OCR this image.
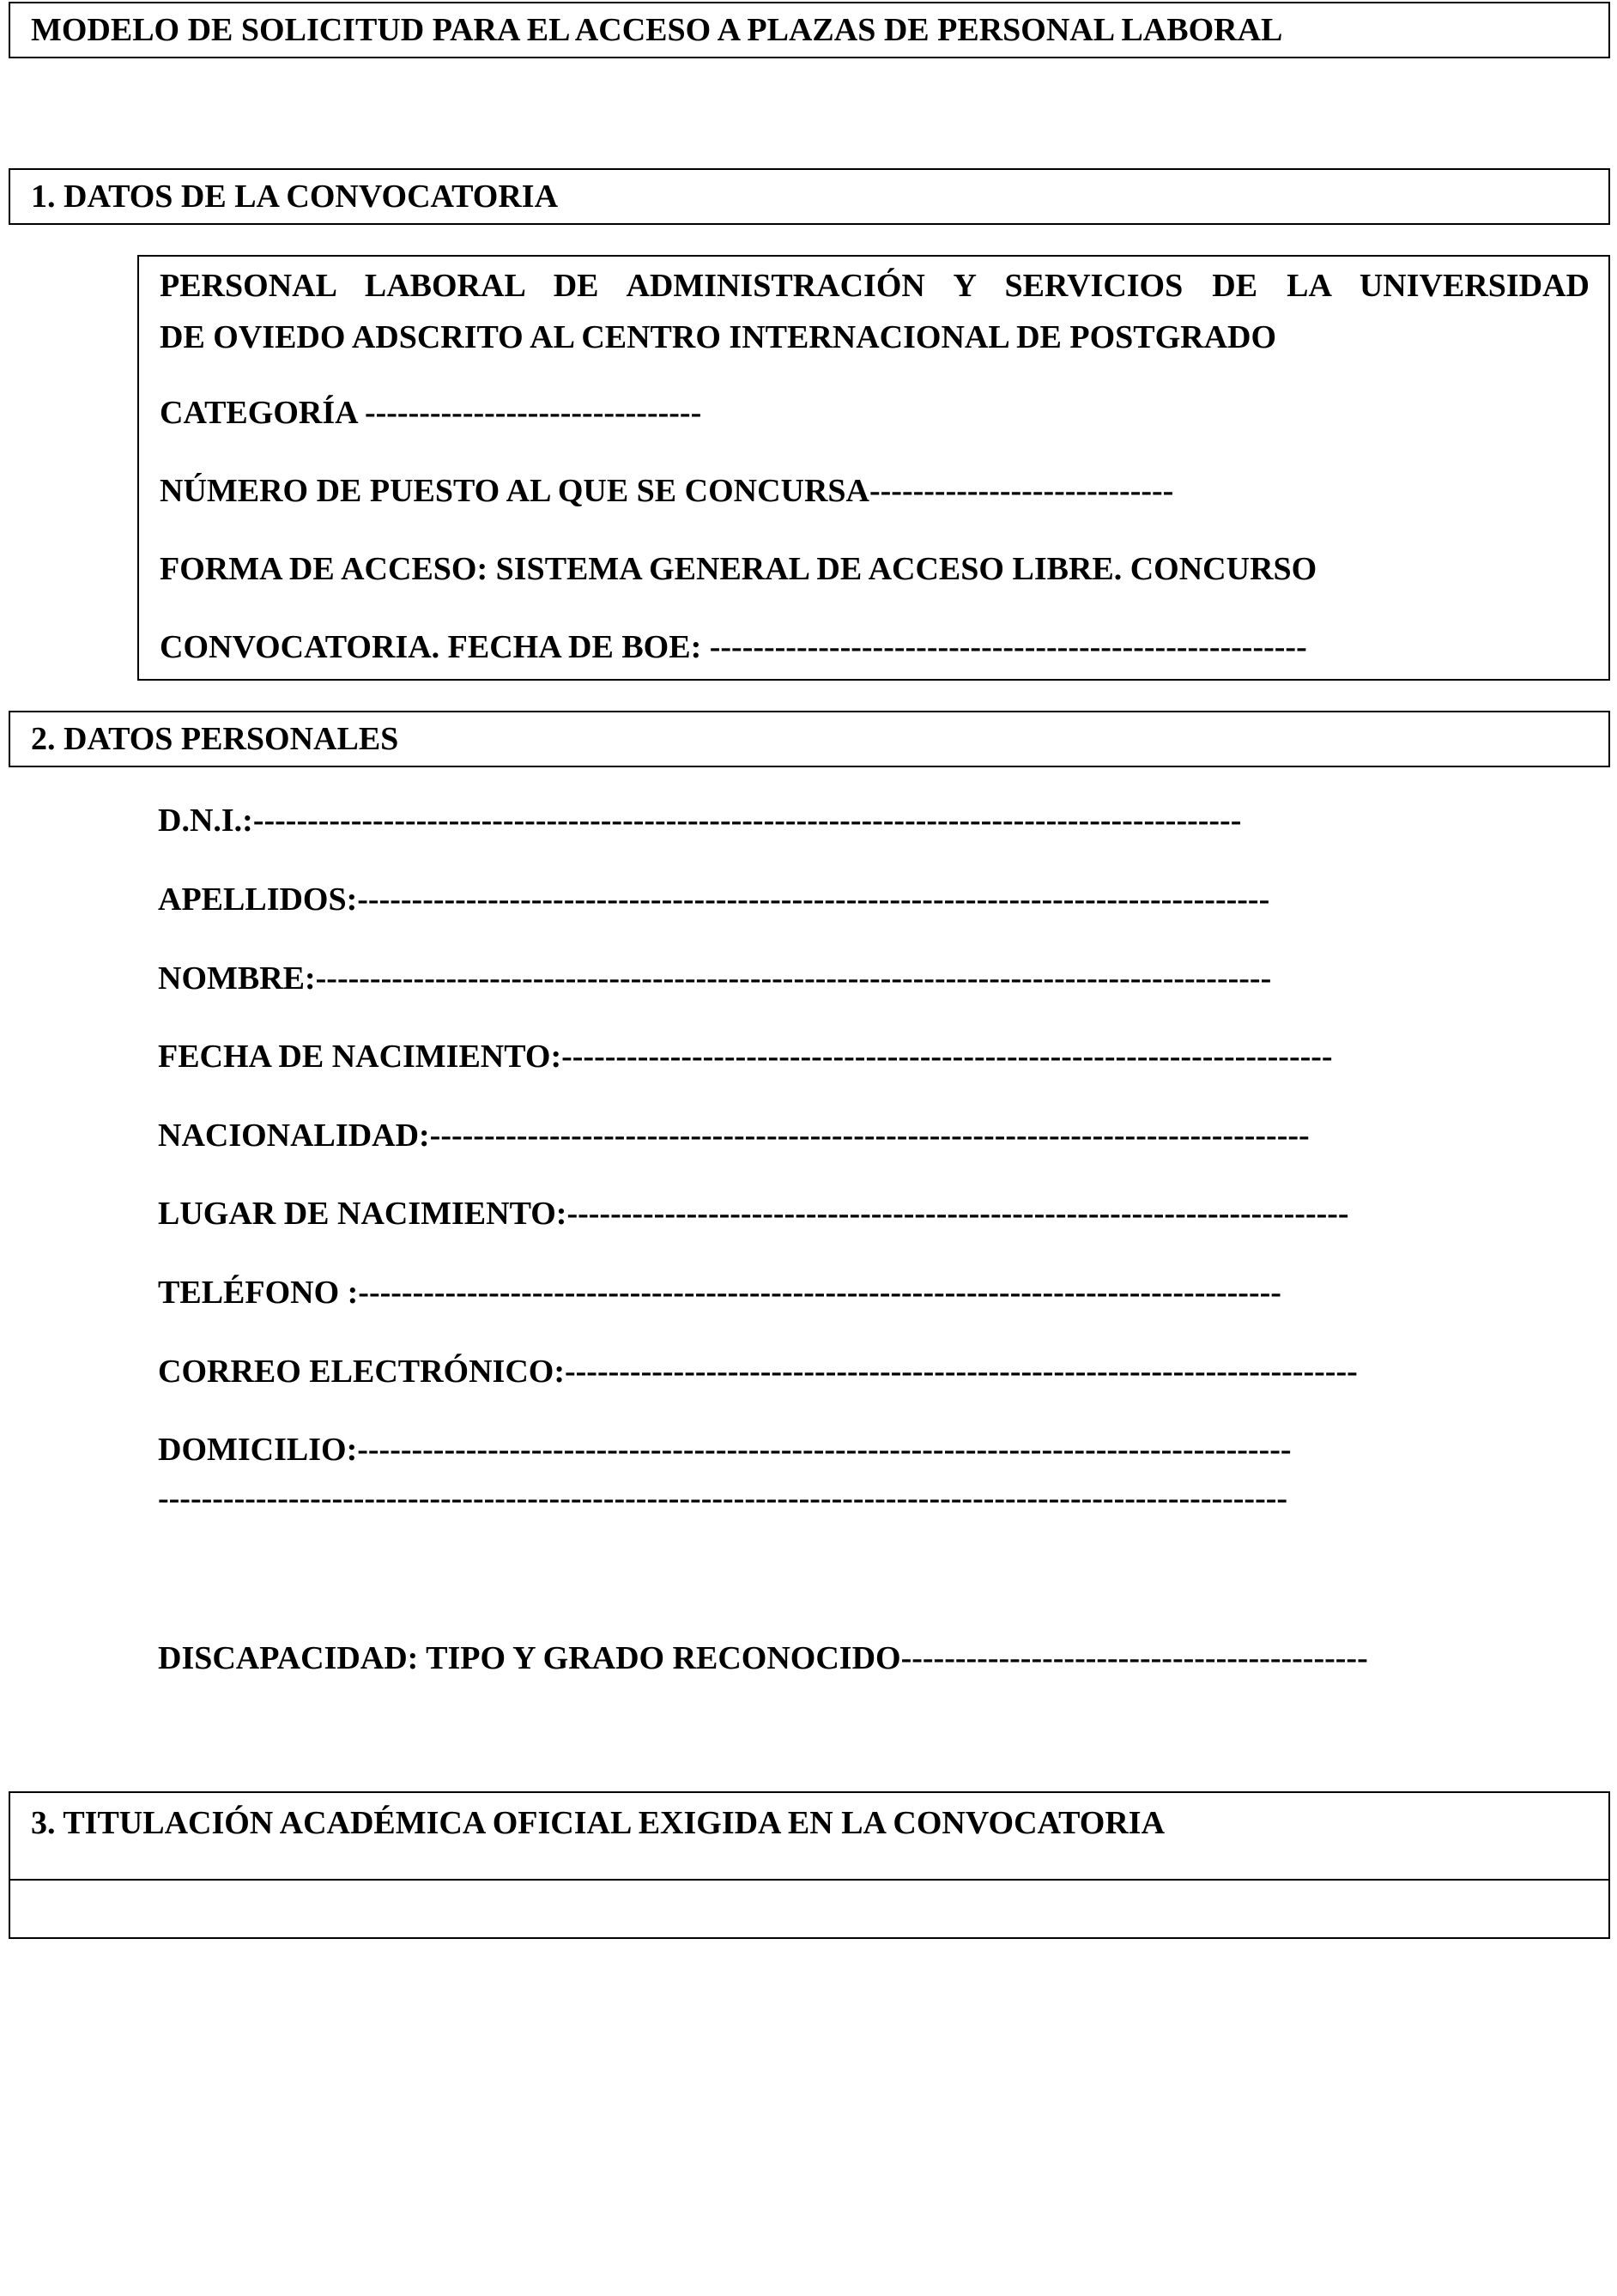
MODELO DE SOLICITUD PARA EL ACCESO A PLAZAS DE PERSONAL LABORAL
1. DATOS DE LA CONVOCATORIA
PERSONAL LABORAL DE ADMINISTRACIÓN Y SERVICIOS DE LA UNIVERSIDAD
DE OVIEDO ADSCRITO AL CENTRO INTERNACIONAL DE POSTGRADO
CATEGORÍA -------------------------------
NÚMERO DE PUESTO AL QUE SE CONCURSA----------------------------
FORMA DE ACCESO: SISTEMA GENERAL DE ACCESO LIBRE. CONCURSO
CONVOCATORIA. FECHA DE BOE: -------------------------------------------------------
2. DATOS PERSONALES
D.N.I.:-------------------------------------------------------------------------------------------
APELLIDOS:------------------------------------------------------------------------------------
NOMBRE:----------------------------------------------------------------------------------------
FECHA DE NACIMIENTO:-----------------------------------------------------------------------
NACIONALIDAD:---------------------------------------------------------------------------------
LUGAR DE NACIMIENTO:------------------------------------------------------------------------
TELÉFONO :-------------------------------------------------------------------------------------
CORREO ELECTRÓNICO:-------------------------------------------------------------------------
DOMICILIO:--------------------------------------------------------------------------------------
--------------------------------------------------------------------------------------------------------
DISCAPACIDAD: TIPO Y GRADO RECONOCIDO-------------------------------------------
3. TITULACIÓN ACADÉMICA OFICIAL EXIGIDA EN LA CONVOCATORIA
